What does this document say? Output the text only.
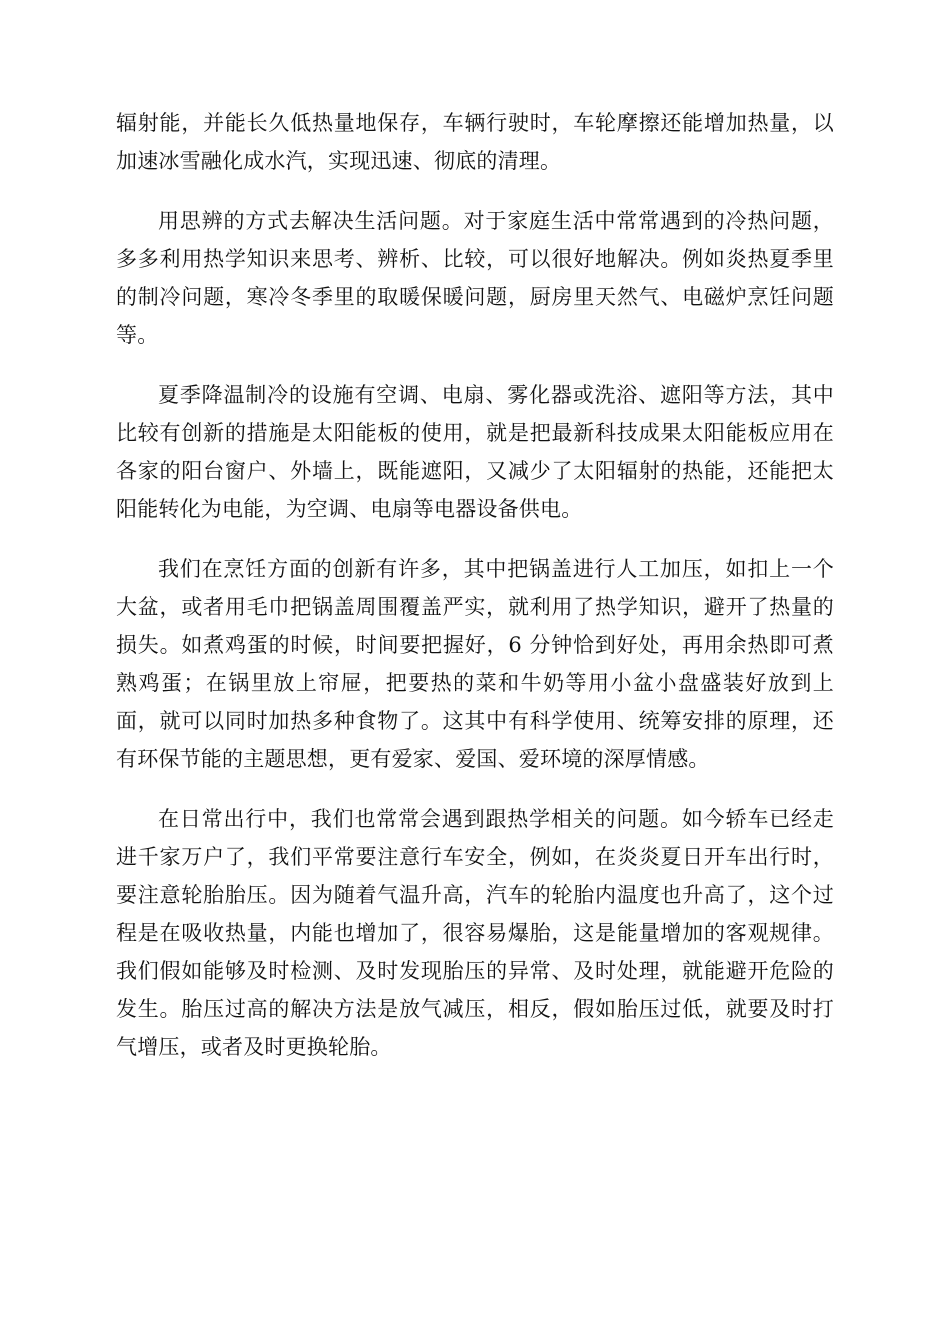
辐射能，并能长久低热量地保存，车辆行驶时，车轮摩擦还能增加热量，以加速冰雪融化成水汽，实现迅速、彻底的清理。

用思辨的方式去解决生活问题。对于家庭生活中常常遇到的冷热问题，多多利用热学知识来思考、辨析、比较，可以很好地解决。例如炎热夏季里的制冷问题，寒冷冬季里的取暖保暖问题，厨房里天然气、电磁炉烹饪问题等。

夏季降温制冷的设施有空调、电扇、雾化器或洗浴、遮阳等方法，其中比较有创新的措施是太阳能板的使用，就是把最新科技成果太阳能板应用在各家的阳台窗户、外墙上，既能遮阳，又减少了太阳辐射的热能，还能把太阳能转化为电能，为空调、电扇等电器设备供电。

我们在烹饪方面的创新有许多，其中把锅盖进行人工加压，如扣上一个大盆，或者用毛巾把锅盖周围覆盖严实，就利用了热学知识，避开了热量的损失。如煮鸡蛋的时候，时间要把握好，6 分钟恰到好处，再用余热即可煮熟鸡蛋；在锅里放上帘屉，把要热的菜和牛奶等用小盆小盘盛装好放到上面，就可以同时加热多种食物了。这其中有科学使用、统筹安排的原理，还有环保节能的主题思想，更有爱家、爱国、爱环境的深厚情感。

在日常出行中，我们也常常会遇到跟热学相关的问题。如今轿车已经走进千家万户了，我们平常要注意行车安全，例如，在炎炎夏日开车出行时，要注意轮胎胎压。因为随着气温升高，汽车的轮胎内温度也升高了，这个过程是在吸收热量，内能也增加了，很容易爆胎，这是能量增加的客观规律。我们假如能够及时检测、及时发现胎压的异常、及时处理，就能避开危险的发生。胎压过高的解决方法是放气减压，相反，假如胎压过低，就要及时打气增压，或者及时更换轮胎。
